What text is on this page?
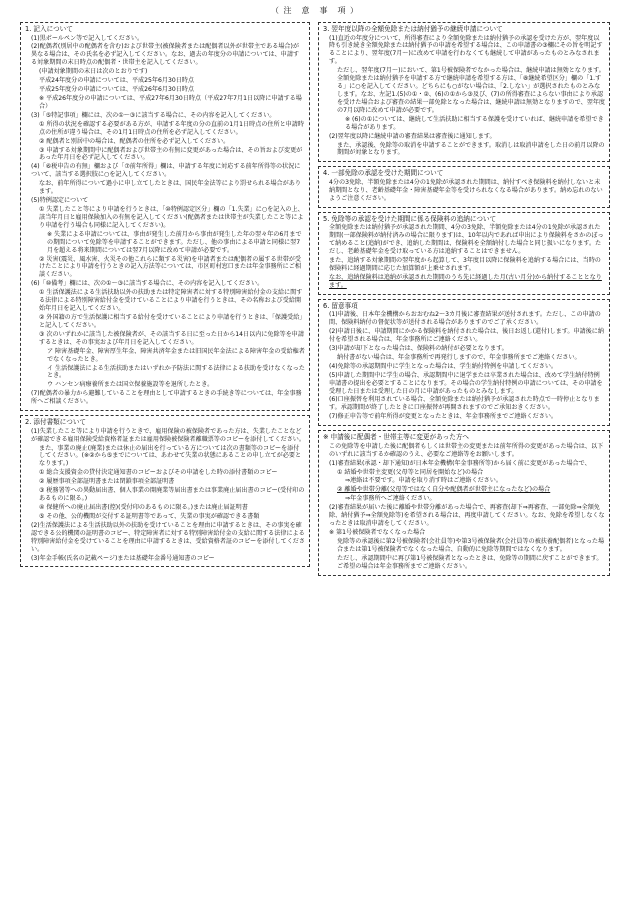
（ 注　意　事　項 ）
1. 記入について
(1)黒ボールペン等で記入してください。
(2)配偶者(別居中の配偶者を含む)および世帯主(被保険者または配偶者以外が世帯主である場合)が異なる場合は、その氏名を必ず記入してください。なお、過去の年度分の申請については、申請する対象期間の末日時点の配偶者・世帯主を記入してください。
(申請対象期間の末日は次のとおりです)
平成24年度分の申請については、平成25年6月30日時点
平成25年度分の申請については、平成26年6月30日時点
※ 平成26年度分の申請については、平成27年6月30日時点（平成27年7月1日以降に申請する場合）
(3)「⑤特記事項」欄には、次の①～③に該当する場合に、その内容を記入してください。
① 所得の状況を確認する必要がある方が、申請する年度の分の直前の1月1日時点の住所と申請時点の住所が違う場合は、その1月1日時点の住所を必ず記入してください。
② 配偶者と別居中の場合は、配偶者の住所を必ず記入してください。
③ 申請する対象期間中に配偶者および世帯主の有無に変更があった場合は、その旨および変更があった年月日を必ず記入してください。
(4)「⑥税申告の有無」欄および「⑦前年所得」欄は、申請する年度に対応する前年所得等の状況について、該当する選択肢に○を記入してください。
なお、前年所得について過小に申し立てしたときは、国民年金法等により罰せられる場合があります。
(5)特例認定について
① 失業したこと等により申請を行うときは、「⑩特例認定区分」欄の「1.失業」に○を記入の上、該当年月日と雇用保険加入の有無を記入してください(配偶者または世帯主が失業したこと等により申請を行う場合も同様に記入してください)。
※ 失業による申請については、事由が発生した前月から事由が発生した年の翌々年の6月までの期間について免除等を申請することができます。ただし、他の事由による申請と同様に翌7月を超える将来期間については翌7月以降に改めて申請が必要です。
② 災害(震災、風水害、火災その他これらに類する災害)を申請者または配偶者の属する世帯が受けたことにより申請を行うときの記入方法等については、市区町村窓口または年金事務所にご相談ください。
(6)「⑩備考」欄には、次の①～③に該当する場合に、その内容を記入してください。
① 生活保護法による生活扶助以外の扶助または特定障害者に対する特別障害給付金の支給に関する法律による特別障害給付金を受けていることにより申請を行うときは、その名称および受給開始年月日を記入してください。
② 外国籍の方で生活保護に相当する給付を受けていることにより申請を行うときは、「保護受給」と記入してください。
③ 次のいずれかに該当した被保険者が、その該当する日に至った日から14日以内に免除等を申請するときは、その事実および年月日を記入してください。
ア 障害基礎年金、障害厚生年金、障害共済年金または旧国民年金法による障害年金の受給権者でなくなったとき。
イ 生活保護法による生活扶助またはいずれか予防法に関する法律による扶助を受けなくなったとき。
ウ ハンセン病療養所または国立保養施設等を退所したとき。
(7)配偶者の暴力から避難していることを理由として申請するときの手続き等については、年金事務所へご相談ください。
2. 添付書類について
(1)失業したこと等により申請を行うときで、雇用保険の被保険者であった方は、失業したことなどが確認できる雇用保険受給資格者証または雇用保険被保険者離職票等のコピーを添付してください。
また、事業の廃止(廃業)または休止の届出を行っている方については次の書類等のコピーを添付してください。(※②から⑤までについては、あわせて失業の状態にあることの申し立てが必要となります。)
① 総合支援資金の貸付決定通知書のコピーおよびその申請をした時の添付書類のコピー
② 履歴事項全部証明書または閉鎖事項全部証明書
③ 税務署等への異動届出書、個人事業の開廃業等届出書または事業廃止届出書のコピー(受付印のあるものに限る。)
④ 保健所への廃止届出書(控)(受付印のあるものに限る。)または廃止届証明書
⑤ その他、公的機関が交付する証明書等であって、失業の事実が確認できる書類
(2)生活保護法による生活扶助以外の扶助を受けていることを理由に申請するときは、その事実を確認できる公的機関の証明書のコピー、特定障害者に対する特別障害給付金の支給に関する法律による特別障害給付金を受けていることを理由に申請するときは、受給資格者証のコピーを添付してください。
(3)年金手帳(氏名の記載ページ)または基礎年金番号通知書のコピー
3. 翌年度以降の全額免除または納付猶予の継続申請について
(1)直近の年度分について、所得審査により全額免除または納付猶予の承認を受けた方が、翌年度以降も引き続き全額免除または納付猶予の申請を希望する場合は、この申請書の③欄にその旨を明記することにより、翌年度(7月～)に改めて申請を行わなくても継続して申請があったものとみなされます。
ただし、翌年度(7月～)において、第1号被保険者でなかった場合は、継続申請は無効となります。全額免除または納付猶予を申請する方で継続申請を希望する方は、「⑧継続希望区分」欄の「1.する」に○を記入してください。どちらにも○がない場合は、「2.しない」が選択されたものとみなします。なお、左記1.(5)の①・②、(6)の①から③及び、(7)の所得審査によらない事由により承認を受けた場合および審査の結果一部免除となった場合は、継続申請は無効となりますので、翌年度の7月以降に改めて申請が必要です。
※ (6)の①については、継続して生活扶助に相当する保護を受けていれば、継続申請を希望できる場合があります。
(2)翌年度以降に継続申請の審査結果は審査後に通知します。
また、承認後、免除等の取消を申請することができます。取消しは取消申請をした日の前月以降の期間が対象となります。
4. 一部免除の承認を受けた期間について
4分の3免除、半額免除または4分の1免除が承認された期間は、納付すべき保険料を納付しないと未納期間となり、老齢基礎年金・障害基礎年金等を受けられなくなる場合があります。納め忘れのないようご注意ください。
5. 免除等の承認を受けた期間に係る保険料の追納について
全額免除または納付猶予が承認された期間、4分の3免除、半額免除または4分の1免除が承認された期間(一部保険料が納付済みの場合に限ります)は、10年以内であれば申出により保険料をさかのぼって納めること(追納)ができ、追納した期間は、保険料を全額納付した場合と同じ扱いになります。ただし、老齢基礎年金を受け取っている方は追納することはできません。
また、追納する対象期間の翌年度から起算して、3年度目以降に保険料を追納する場合には、当時の保険料に経過期間に応じた加算額が上乗せされます。
なお、追納保険料は追納が承認された期間のうち先に経過した月(古い月分)から納付することとなります。
6. 留意事項
(1)申請後、日本年金機構からおおむね2～3カ月後に審査結果が送付されます。ただし、この申請の間、保険料納付の督促状等が送付される場合がありますのでご了承ください。
(2)申請日後に、申請期間にかかる保険料を納付された場合は、後日お返し(還付)します。申請後に納付を希望される場合は、年金事務所にご連絡ください。
(3)申請が却下となった場合は、保険料の納付が必要となります。
納付書がない場合は、年金事務所で再発行しますので、年金事務所までご連絡ください。
(4)免除等の承認期間中に学生となった場合は、学生納付特例を申請してください。
(5)申請した期間中に学生の場合、承認期間中に退学または卒業された場合は、改めて学生納付特例申請書の提出を必要とすることになります。その場合の学生納付特例の申請については、その申請を受理した日または受理した日の月に申請があったものとみなします。
(6)口座振替を利用されている場合、全額免除または納付猶予が承認された時点で一時停止となります。承認期間が終了したときに口座振替が再開されますのでご承知おきください。
(7)修正申告等で前年所得が変更となったときは、年金事務所までご連絡ください。
※ 申請後に配偶者・世帯主等に変更があった方へ
この免除等を申請した後に配偶者もしくは世帯主の変更または前年所得の変更があった場合は、以下のいずれに該当するか確認のうえ、必要なご連絡等をお願いします。
(1)審査結果(承認・却下通知)が日本年金機構(年金事務所等)から届く前に変更があった場合で、
① 結婚や世帯主変更(父母等と同居を開始など)の場合
⇒連絡は不要です。申請を取り消す時はご連絡ください。
② 離婚や世帯分離(父母等ではなく自分や配偶者が世帯主になったなど)の場合
⇒年金事務所へご連絡ください。
(2)審査結果が届いた後に離婚や世帯分離があった場合で、再審査(却下⇒再審査、一部免除⇒全額免除、納付猶予⇒全額免除等)を希望される場合は、再度申請してください。なお、免除を希望しなくなったときは取消申請をしてください。
※ 第1号被保険者でなくなった場合
免除等の承認後に第2号被保険者(会社員等)や第3号被保険者(会社員等の被扶養配偶者)となった場合または第1号被保険者でなくなった場合、自動的に免除等期間ではなくなります。
ただし、承認期間中に再び第1号被保険者となったときは、免除等の期間に戻すことができます。ご希望の場合は年金事務所までご連絡ください。
